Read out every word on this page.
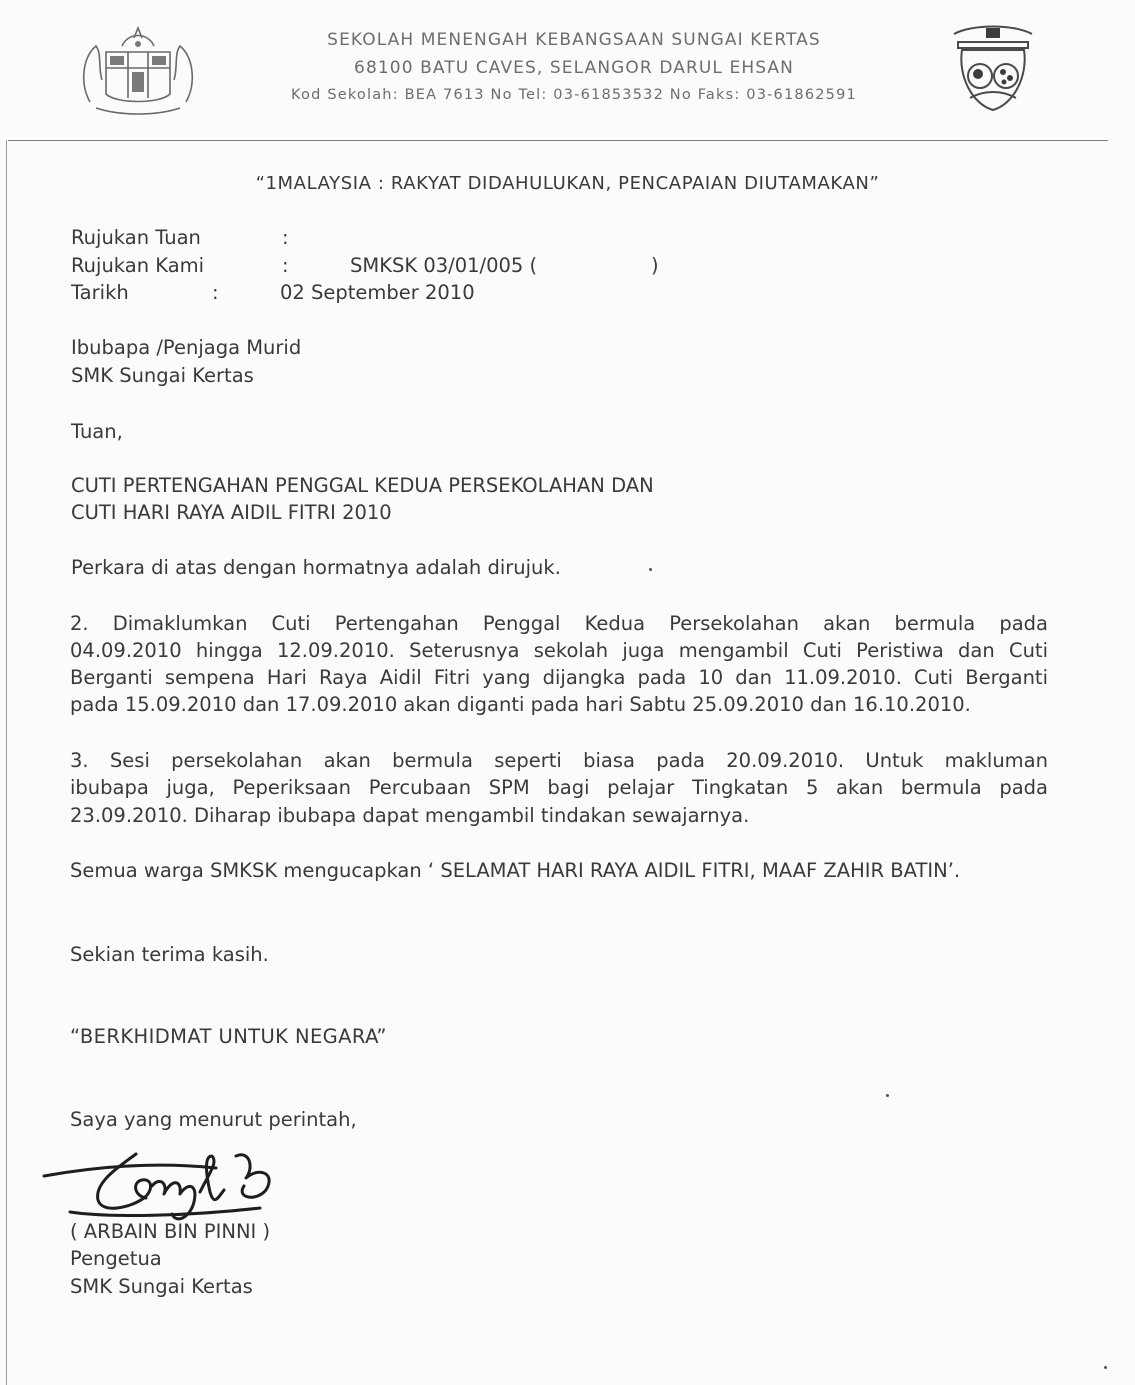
SEKOLAH MENENGAH KEBANGSAAN SUNGAI KERTAS
68100 BATU CAVES, SELANGOR DARUL EHSAN
Kod Sekolah: BEA 7613 No Tel: 03-61853532 No Faks: 03-61862591
“1MALAYSIA : RAKYAT DIDAHULUKAN, PENCAPAIAN DIUTAMAKAN”
Rujukan Tuan	:
Rujukan Kami	:	SMKSK 03/01/005 (	)
Tarikh	:	02 September 2010
Ibubapa /Penjaga Murid
SMK Sungai Kertas
Tuan,
CUTI PERTENGAHAN PENGGAL KEDUA PERSEKOLAHAN DAN
CUTI HARI RAYA AIDIL FITRI 2010
Perkara di atas dengan hormatnya adalah dirujuk.
2. Dimaklumkan Cuti Pertengahan Penggal Kedua Persekolahan akan bermula pada
04.09.2010 hingga 12.09.2010. Seterusnya sekolah juga mengambil Cuti Peristiwa dan Cuti
Berganti sempena Hari Raya Aidil Fitri yang dijangka pada 10 dan 11.09.2010. Cuti Berganti
pada 15.09.2010 dan 17.09.2010 akan diganti pada hari Sabtu 25.09.2010 dan 16.10.2010.
3. Sesi persekolahan akan bermula seperti biasa pada 20.09.2010. Untuk makluman
ibubapa juga, Peperiksaan Percubaan SPM bagi pelajar Tingkatan 5 akan bermula pada
23.09.2010. Diharap ibubapa dapat mengambil tindakan sewajarnya.
Semua warga SMKSK mengucapkan ‘ SELAMAT HARI RAYA AIDIL FITRI, MAAF ZAHIR BATIN’.
Sekian terima kasih.
“BERKHIDMAT UNTUK NEGARA”
Saya yang menurut perintah,
( ARBAIN BIN PINNI )
Pengetua
SMK Sungai Kertas
